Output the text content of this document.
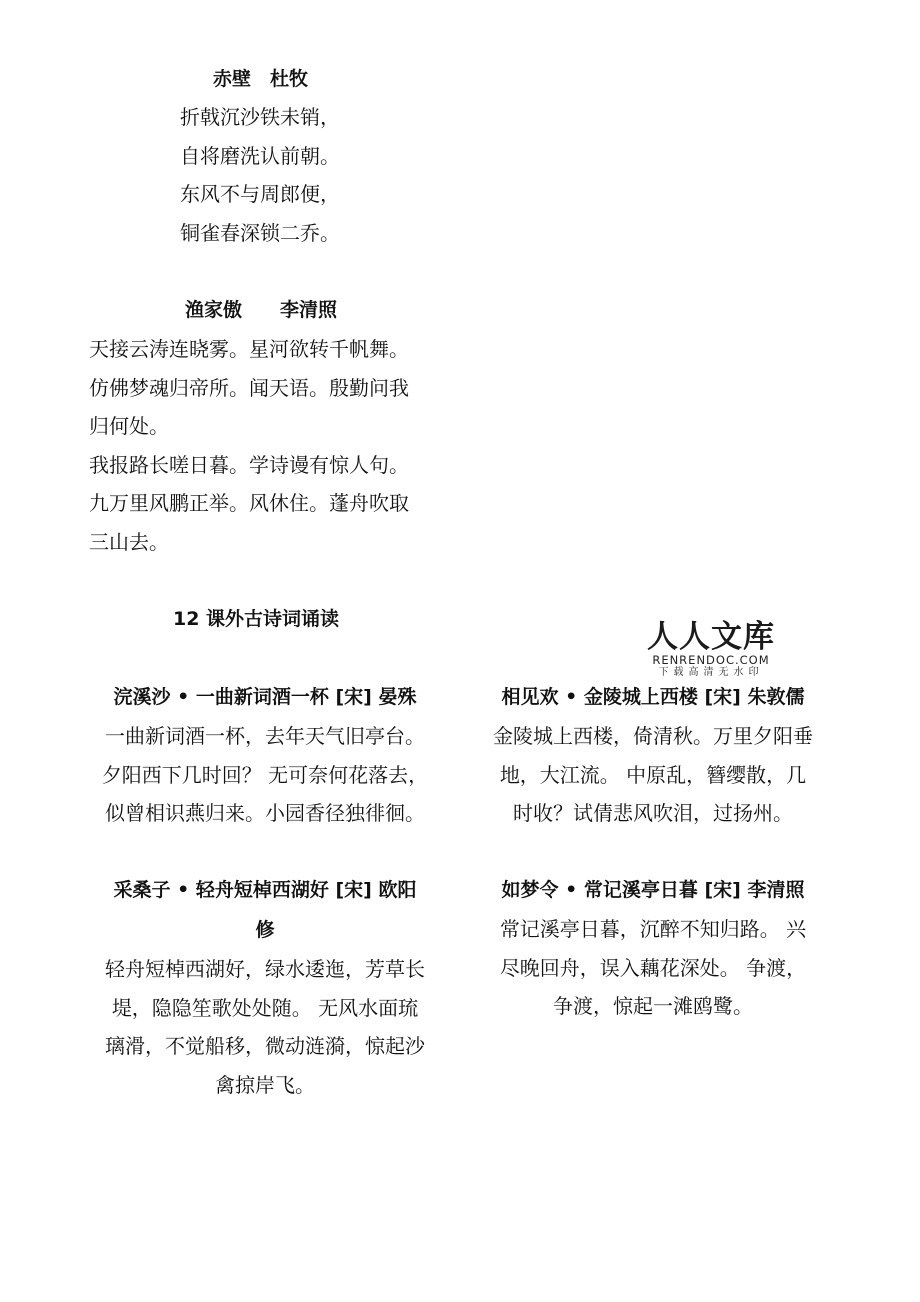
赤壁　杜牧
折戟沉沙铁未销，
自将磨洗认前朝。
东风不与周郎便，
铜雀春深锁二乔。
渔家傲　　李清照
天接云涛连晓雾。星河欲转千帆舞。
仿佛梦魂归帝所。闻天语。殷勤问我
归何处。
我报路长嗟日暮。学诗谩有惊人句。
九万里风鹏正举。风休住。蓬舟吹取
三山去。
12 课外古诗词诵读	人人文库
RENRENDOC.COM
下载高清无水印
浣溪沙 • 一曲新词酒一杯 [宋] 晏殊
一曲新词酒一杯，去年天气旧亭台。
夕阳西下几时回？ 无可奈何花落去，
似曾相识燕归来。小园香径独徘徊。
相见欢 • 金陵城上西楼 [宋] 朱敦儒
金陵城上西楼，倚清秋。万里夕阳垂
地，大江流。 中原乱，簪缨散，几
时收？试倩悲风吹泪，过扬州。
采桑子 • 轻舟短棹西湖好 [宋] 欧阳
修
轻舟短棹西湖好，绿水逶迤，芳草长
堤，隐隐笙歌处处随。 无风水面琉
璃滑，不觉船移，微动涟漪，惊起沙
禽掠岸飞。
如梦令 • 常记溪亭日暮 [宋] 李清照
常记溪亭日暮，沉醉不知归路。 兴
尽晚回舟，误入藕花深处。 争渡，
争渡，惊起一滩鸥鹭。
